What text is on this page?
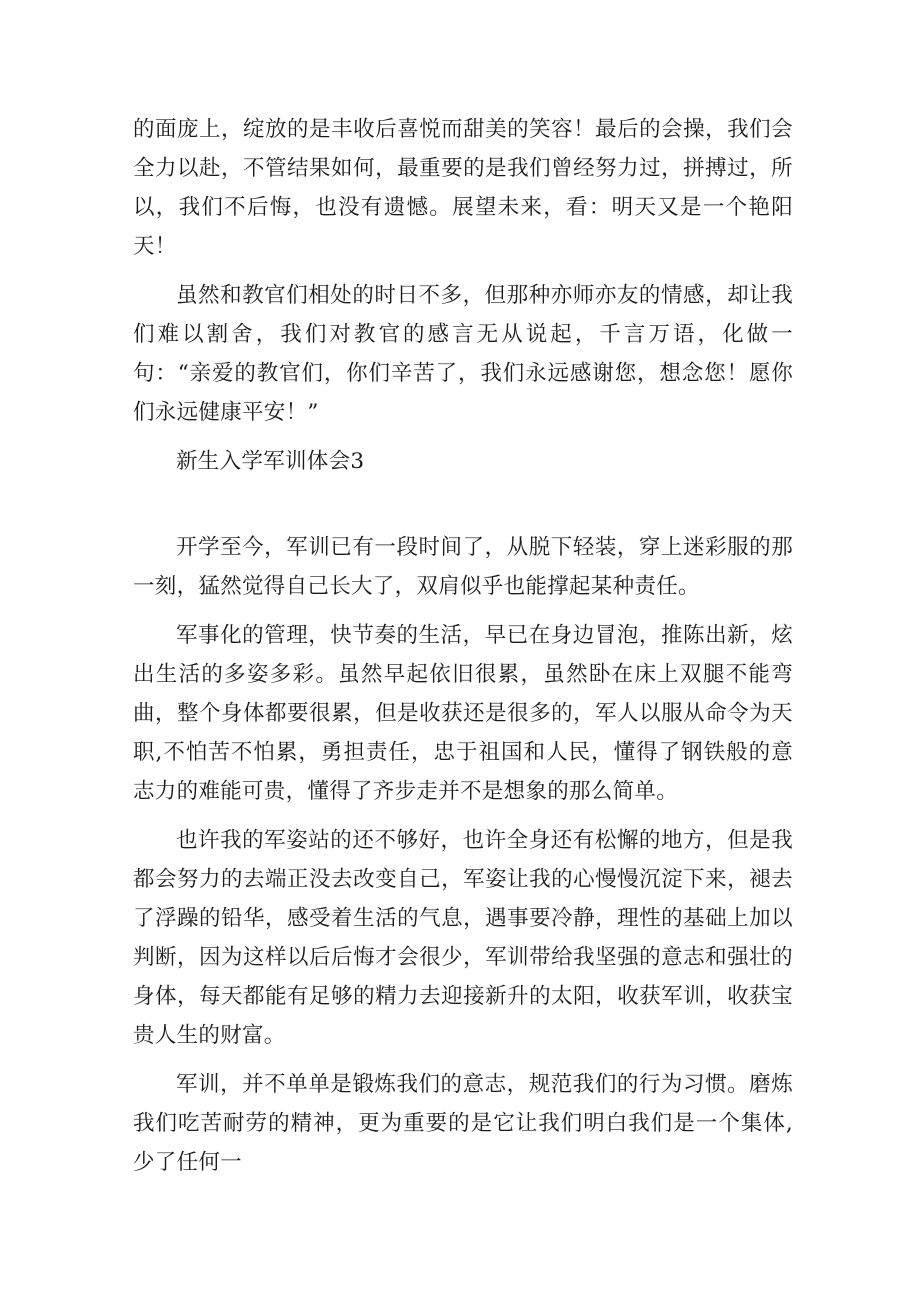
的面庞上，绽放的是丰收后喜悦而甜美的笑容！最后的会操，我们会全力以赴，不管结果如何，最重要的是我们曾经努力过，拼搏过，所以，我们不后悔，也没有遗憾。展望未来，看：明天又是一个艳阳天！

虽然和教官们相处的时日不多，但那种亦师亦友的情感，却让我们难以割舍，我们对教官的感言无从说起，千言万语，化做一句：“亲爱的教官们，你们辛苦了，我们永远感谢您，想念您！愿你们永远健康平安！”

新生入学军训体会3

开学至今，军训已有一段时间了，从脱下轻装，穿上迷彩服的那一刻，猛然觉得自己长大了，双肩似乎也能撑起某种责任。

军事化的管理，快节奏的生活，早已在身边冒泡，推陈出新，炫出生活的多姿多彩。虽然早起依旧很累，虽然卧在床上双腿不能弯曲，整个身体都要很累，但是收获还是很多的，军人以服从命令为天职,不怕苦不怕累，勇担责任，忠于祖国和人民，懂得了钢铁般的意志力的难能可贵，懂得了齐步走并不是想象的那么简单。

也许我的军姿站的还不够好，也许全身还有松懈的地方，但是我都会努力的去端正没去改变自己，军姿让我的心慢慢沉淀下来，褪去了浮躁的铅华，感受着生活的气息，遇事要冷静，理性的基础上加以判断，因为这样以后后悔才会很少，军训带给我坚强的意志和强壮的身体，每天都能有足够的精力去迎接新升的太阳，收获军训，收获宝贵人生的财富。

军训，并不单单是锻炼我们的意志，规范我们的行为习惯。磨炼我们吃苦耐劳的精神，更为重要的是它让我们明白我们是一个集体,少了任何一
